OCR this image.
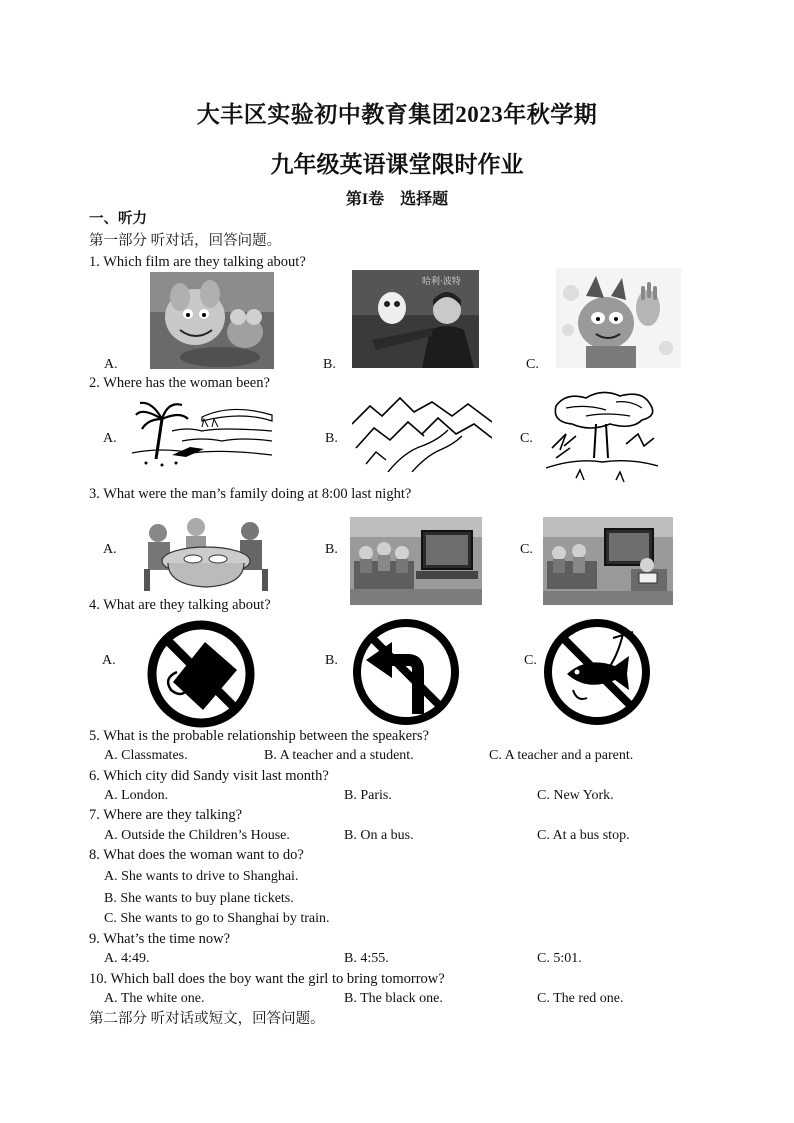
大丰区实验初中教育集团2023年秋学期
九年级英语课堂限时作业
第I卷　选择题
一、听力
第一部分 听对话，回答问题。
1. Which film are they talking about?
A.	B.
哈利·波特
C.
2. Where has the woman been?
A.	B.	C.
3. What were the man’s family doing at 8:00 last night?
A.	B.	C.
4. What are they talking about?
A.	B.	C.
5. What is the probable relationship between the speakers?
A. Classmates.	B. A teacher and a student.	C. A teacher and a parent.
6. Which city did Sandy visit last month?
A. London.	B. Paris.	C. New York.
7. Where are they talking?
A. Outside the Children’s House.	B. On a bus.	C. At a bus stop.
8. What does the woman want to do?
A. She wants to drive to Shanghai.
B. She wants to buy plane tickets.
C. She wants to go to Shanghai by train.
9. What’s the time now?
A. 4:49.	B. 4:55.	C. 5:01.
10. Which ball does the boy want the girl to bring tomorrow?
A. The white one.	B. The black one.	C. The red one.
第二部分 听对话或短文，回答问题。
